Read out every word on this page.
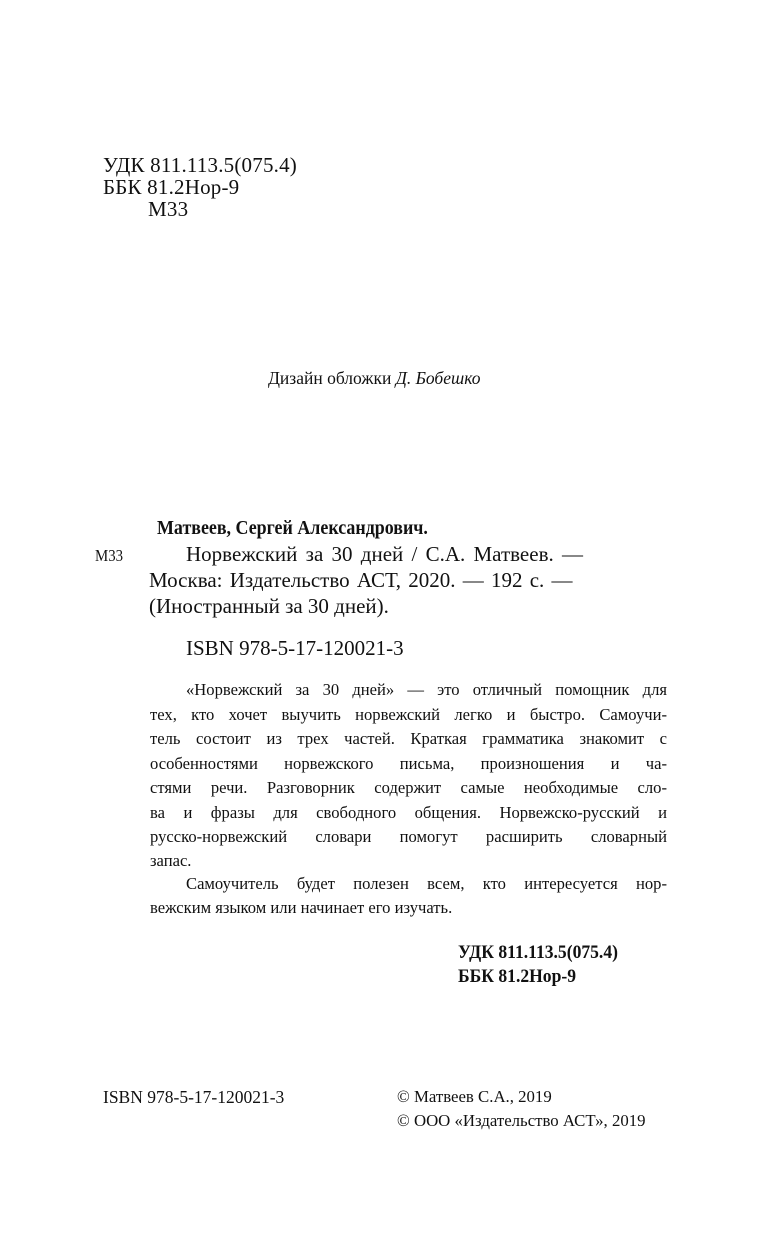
УДК 811.113.5(075.4)
ББК 81.2Нор-9
М33
Дизайн обложки Д. Бобешко
Матвеев, Сергей Александрович.
М33	Норвежский за 30 дней / С.А. Матвеев. —
Москва: Издательство АСТ, 2020. — 192 с. —
(Иностранный за 30 дней).
ISBN 978-5-17-120021-3
«Норвежский за 30 дней» — это отличный помощник для
тех, кто хочет выучить норвежский легко и быстро. Самоучи-
тель состоит из трех частей. Краткая грамматика знакомит с
особенностями норвежского письма, произношения и ча-
стями речи. Разговорник содержит самые необходимые сло-
ва и фразы для свободного общения. Норвежско-русский и
русско-норвежский словари помогут расширить словарный
запас.
Самоучитель будет полезен всем, кто интересуется нор-
вежским языком или начинает его изучать.
УДК 811.113.5(075.4)
ББК 81.2Нор-9
ISBN 978-5-17-120021-3	© Матвеев С.А., 2019
© ООО «Издательство АСТ», 2019
